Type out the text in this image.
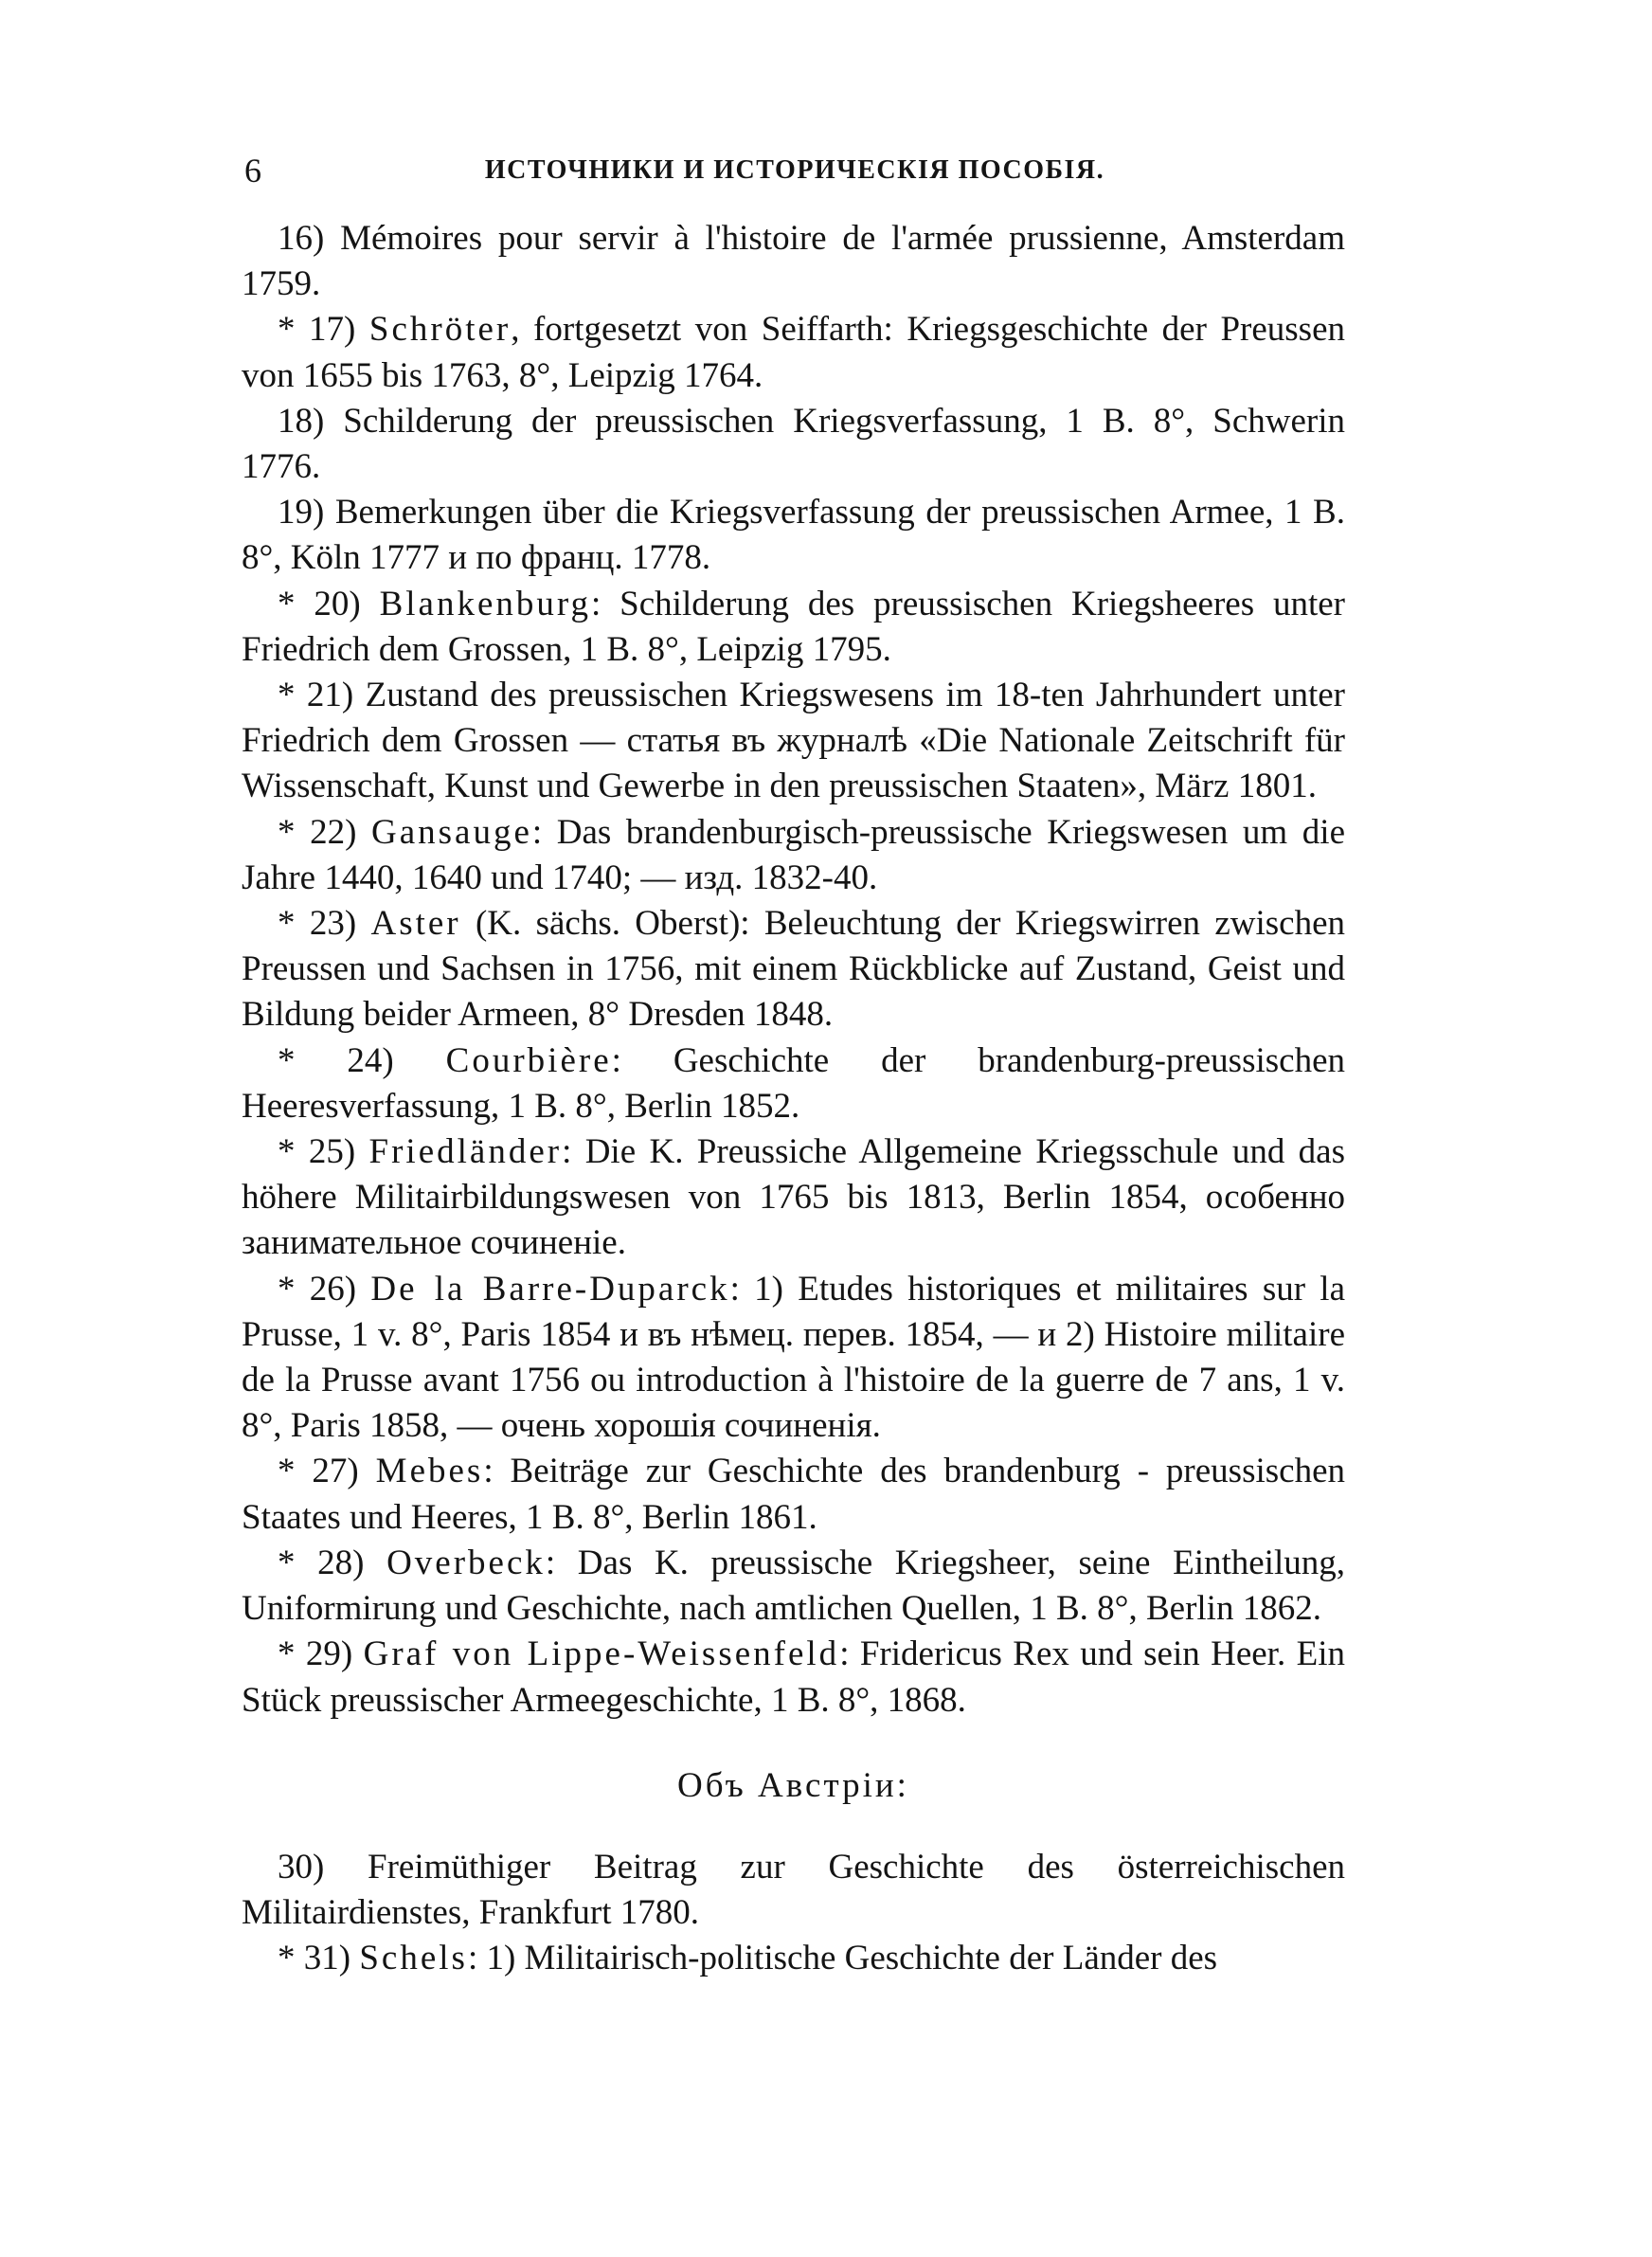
6	ИСТОЧНИКИ И ИСТОРИЧЕСКІЯ ПОСОБІЯ.

16) Mémoires pour servir à l'histoire de l'armée prussienne, Amsterdam 1759.

* 17) Schröter, fortgesetzt von Seiffarth: Kriegsgeschichte der Preussen von 1655 bis 1763, 8°, Leipzig 1764.

18) Schilderung der preussischen Kriegsverfassung, 1 B. 8°, Schwerin 1776.

19) Bemerkungen über die Kriegsverfassung der preussischen Armee, 1 B. 8°, Köln 1777 и по франц. 1778.

* 20) Blankenburg: Schilderung des preussischen Kriegsheeres unter Friedrich dem Grossen, 1 B. 8°, Leipzig 1795.

* 21) Zustand des preussischen Kriegswesens im 18-ten Jahrhundert unter Friedrich dem Grossen — статья въ журналѣ «Die Nationale Zeitschrift für Wissenschaft, Kunst und Gewerbe in den preussischen Staaten», März 1801.

* 22) Gansauge: Das brandenburgisch-preussische Kriegswesen um die Jahre 1440, 1640 und 1740; — изд. 1832-40.

* 23) Aster (K. sächs. Oberst): Beleuchtung der Kriegswirren zwischen Preussen und Sachsen in 1756, mit einem Rückblicke auf Zustand, Geist und Bildung beider Armeen, 8° Dresden 1848.

* 24) Courbière: Geschichte der brandenburg-preussischen Heeresverfassung, 1 B. 8°, Berlin 1852.

* 25) Friedländer: Die K. Preussiche Allgemeine Kriegsschule und das höhere Militairbildungswesen von 1765 bis 1813, Berlin 1854, особенно занимательное сочиненіе.

* 26) De la Barre-Duparck: 1) Etudes historiques et militaires sur la Prusse, 1 v. 8°, Paris 1854 и въ нѣмец. перев. 1854, — и 2) Histoire militaire de la Prusse avant 1756 ou introduction à l'histoire de la guerre de 7 ans, 1 v. 8°, Paris 1858, — очень хорошія сочиненія.

* 27) Mebes: Beiträge zur Geschichte des brandenburg - preussischen Staates und Heeres, 1 B. 8°, Berlin 1861.

* 28) Overbeck: Das K. preussische Kriegsheer, seine Eintheilung, Uniformirung und Geschichte, nach amtlichen Quellen, 1 B. 8°, Berlin 1862.

* 29) Graf von Lippe-Weissenfeld: Fridericus Rex und sein Heer. Ein Stück preussischer Armeegeschichte, 1 B. 8°, 1868.

Объ Австріи:

30) Freimüthiger Beitrag zur Geschichte des österreichischen Militairdienstes, Frankfurt 1780.

* 31) Schels: 1) Militairisch-politische Geschichte der Länder des
